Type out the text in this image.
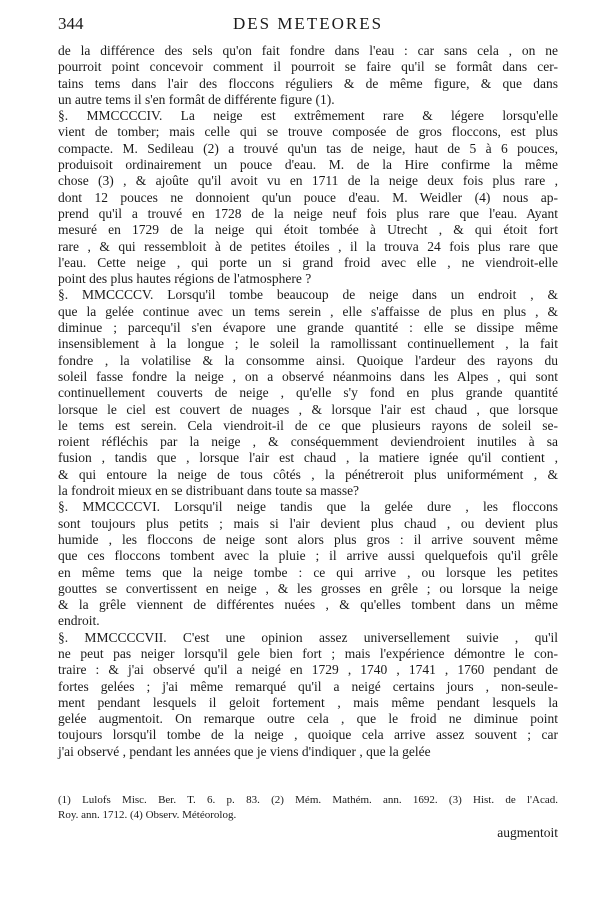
344	DES METEORES
de la différence des sels qu'on fait fondre dans l'eau : car sans cela , on ne
pourroit point concevoir comment il pourroit se faire qu'il se formât dans cer-
tains tems dans l'air des floccons réguliers & de même figure, & que dans
un autre tems il s'en formât de différente figure (1).
§. MMCCCCIV. La neige est extrêmement rare & légere lorsqu'elle
vient de tomber; mais celle qui se trouve composée de gros floccons, est plus
compacte. M. Sedileau (2) a trouvé qu'un tas de neige, haut de 5 à 6 pouces,
produisoit ordinairement un pouce d'eau. M. de la Hire confirme la même
chose (3) , & ajoûte qu'il avoit vu en 1711 de la neige deux fois plus rare ,
dont 12 pouces ne donnoient qu'un pouce d'eau. M. Weidler (4) nous ap-
prend qu'il a trouvé en 1728 de la neige neuf fois plus rare que l'eau. Ayant
mesuré en 1729 de la neige qui étoit tombée à Utrecht , & qui étoit fort
rare , & qui ressembloit à de petites étoiles , il la trouva 24 fois plus rare que
l'eau. Cette neige , qui porte un si grand froid avec elle , ne viendroit-elle
point des plus hautes régions de l'atmosphere ?
§. MMCCCCV. Lorsqu'il tombe beaucoup de neige dans un endroit , &
que la gelée continue avec un tems serein , elle s'affaisse de plus en plus , &
diminue ; parcequ'il s'en évapore une grande quantité : elle se dissipe même
insensiblement à la longue ; le soleil la ramollissant continuellement , la fait
fondre , la volatilise & la consomme ainsi. Quoique l'ardeur des rayons du
soleil fasse fondre la neige , on a observé néanmoins dans les Alpes , qui sont
continuellement couverts de neige , qu'elle s'y fond en plus grande quantité
lorsque le ciel est couvert de nuages , & lorsque l'air est chaud , que lorsque
le tems est serein. Cela viendroit-il de ce que plusieurs rayons de soleil se-
roient réfléchis par la neige , & conséquemment deviendroient inutiles à sa
fusion , tandis que , lorsque l'air est chaud , la matiere ignée qu'il contient ,
& qui entoure la neige de tous côtés , la pénétreroit plus uniformément , &
la fondroit mieux en se distribuant dans toute sa masse?
§. MMCCCCVI. Lorsqu'il neige tandis que la gelée dure , les floccons
sont toujours plus petits ; mais si l'air devient plus chaud , ou devient plus
humide , les floccons de neige sont alors plus gros : il arrive souvent même
que ces floccons tombent avec la pluie ; il arrive aussi quelquefois qu'il grêle
en même tems que la neige tombe : ce qui arrive , ou lorsque les petites
gouttes se convertissent en neige , & les grosses en grêle ; ou lorsque la neige
& la grêle viennent de différentes nuées , & qu'elles tombent dans un même
endroit.
§. MMCCCCVII. C'est une opinion assez universellement suivie , qu'il
ne peut pas neiger lorsqu'il gele bien fort ; mais l'expérience démontre le con-
traire : & j'ai observé qu'il a neigé en 1729 , 1740 , 1741 , 1760 pendant de
fortes gelées ; j'ai même remarqué qu'il a neigé certains jours , non-seule-
ment pendant lesquels il geloit fortement , mais même pendant lesquels la
gelée augmentoit. On remarque outre cela , que le froid ne diminue point
toujours lorsqu'il tombe de la neige , quoique cela arrive assez souvent ; car
j'ai observé , pendant les années que je viens d'indiquer , que la gelée
(1) Lulofs Misc. Ber. T. 6. p. 83. (2) Mém. Mathém. ann. 1692. (3) Hist. de l'Acad.
Roy. ann. 1712. (4) Observ. Météorolog.
augmentoit
